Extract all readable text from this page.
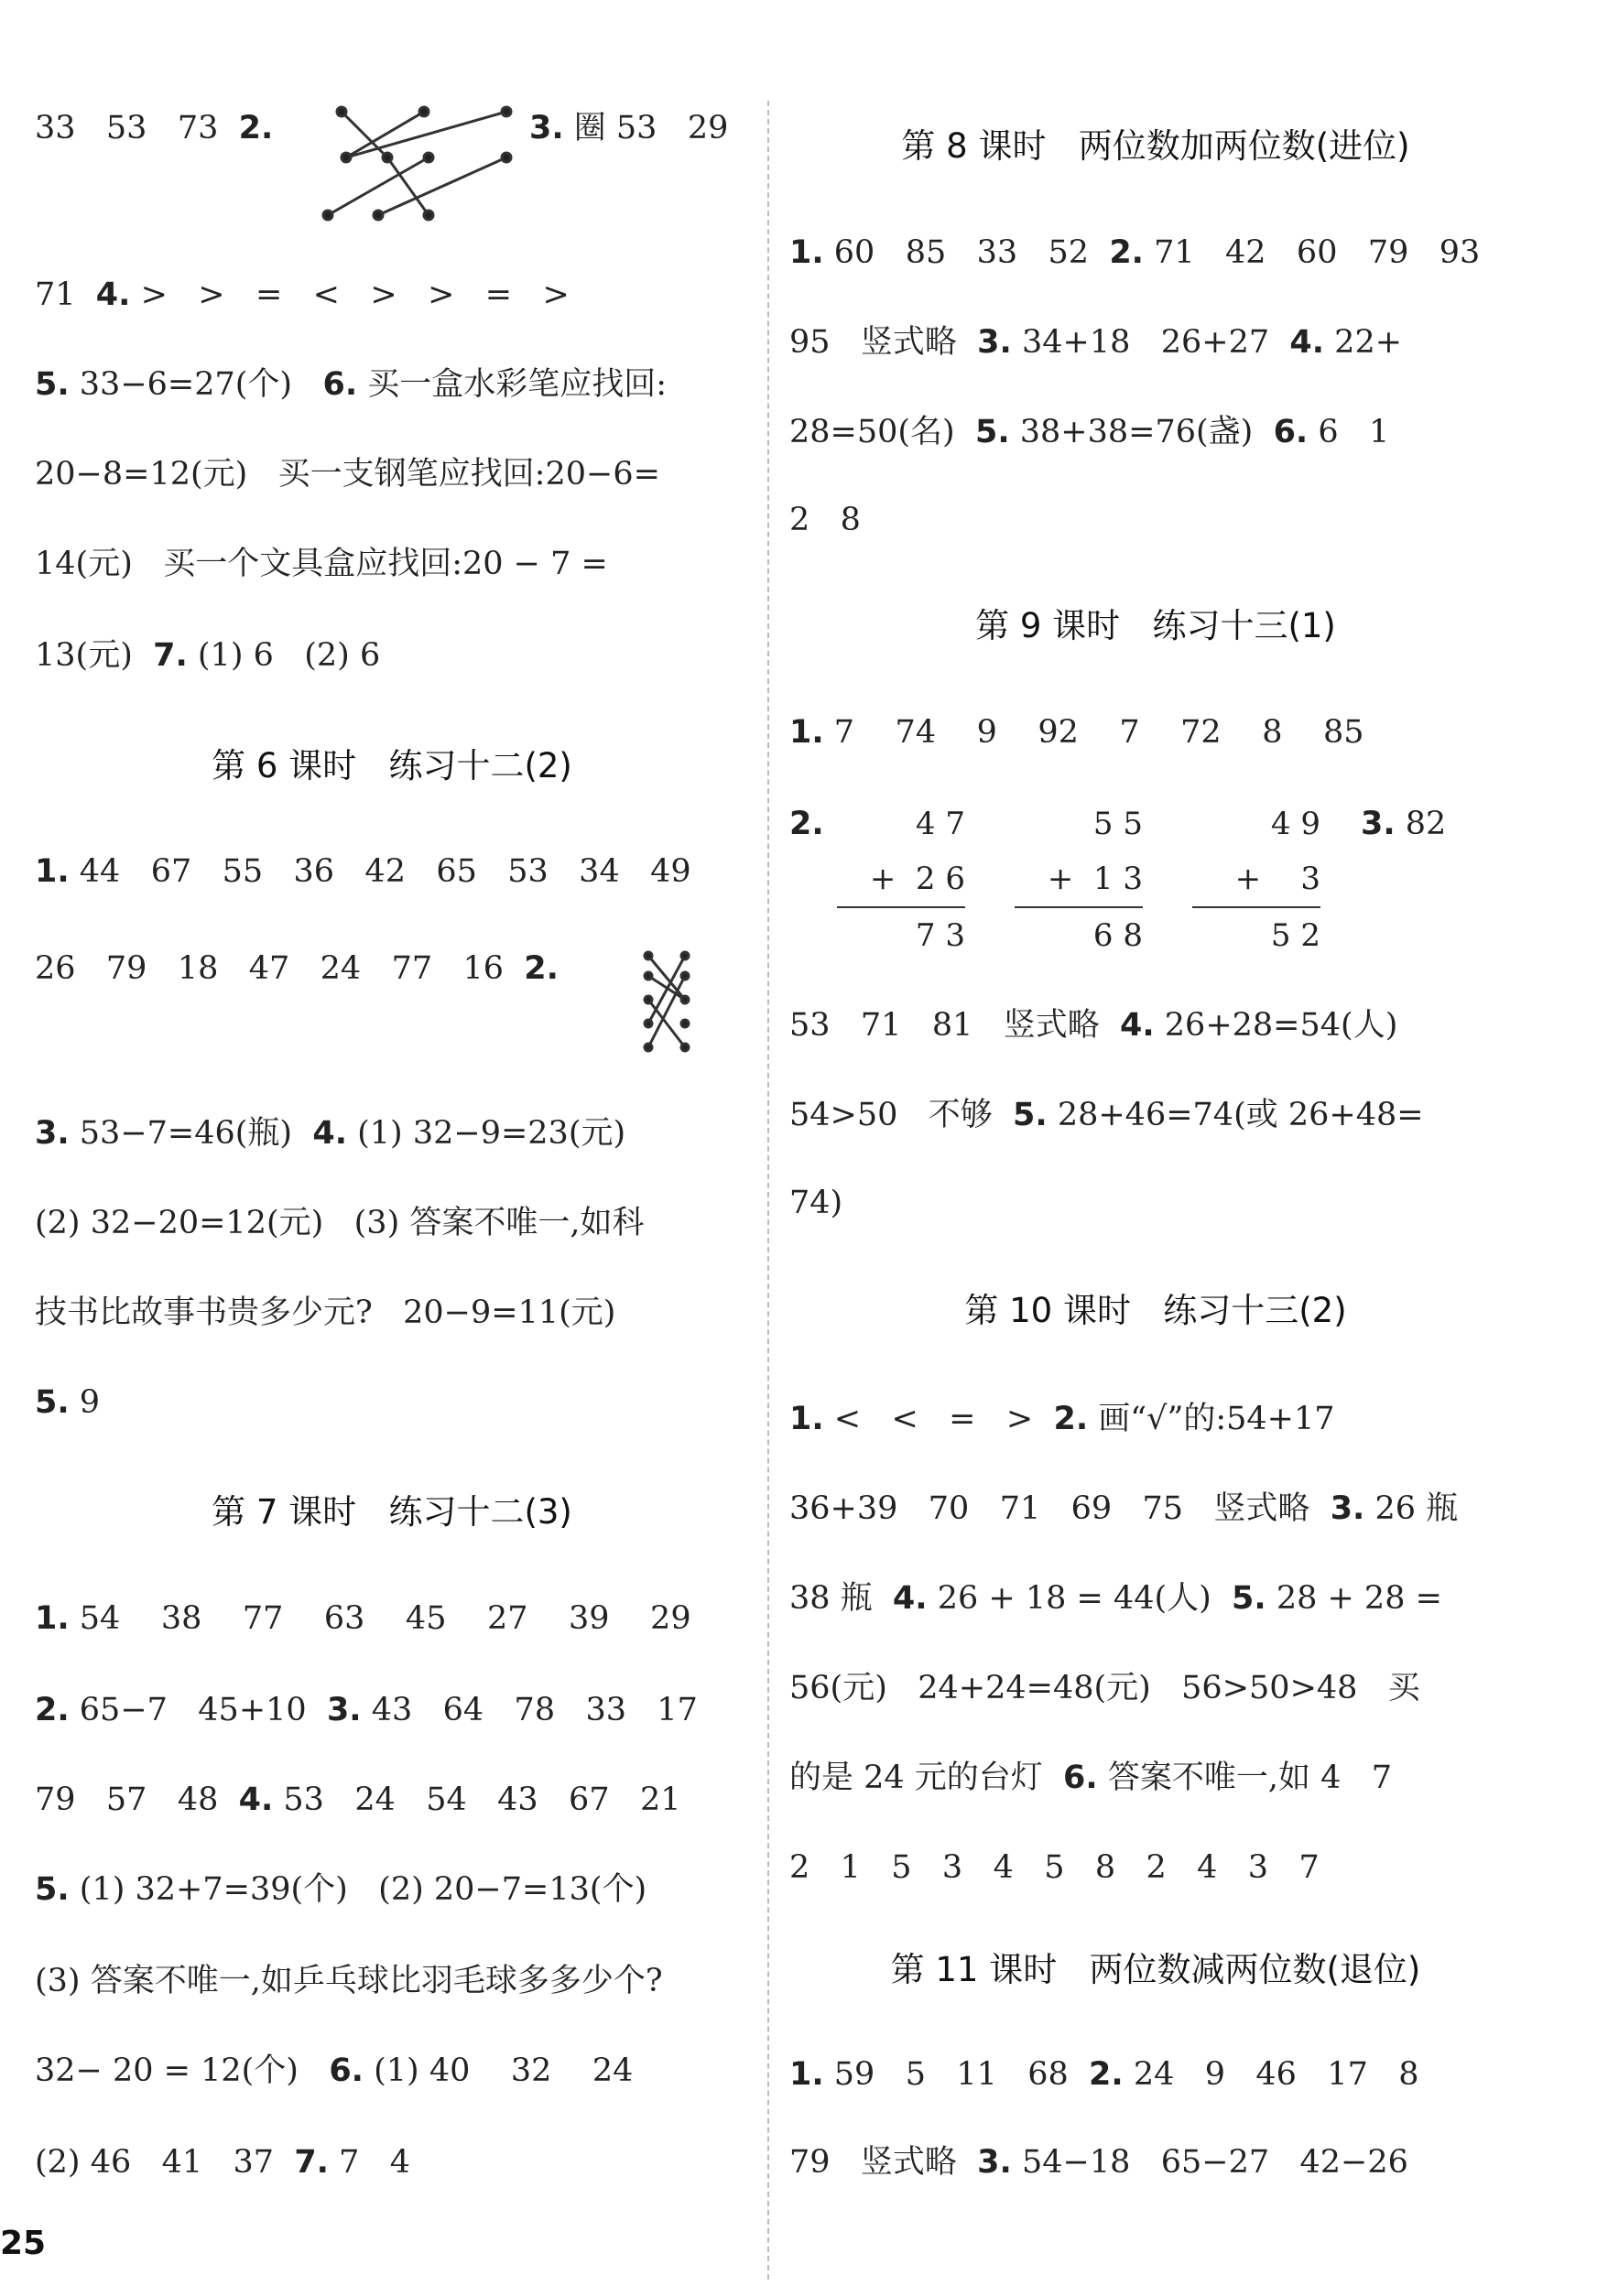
33   53   73  2.	3. 圈 53   29
71  4. >   >   =   <   >   >   =   >
5. 33−6=27(个)   6. 买一盒水彩笔应找回:
20−8=12(元)   买一支钢笔应找回:20−6=
14(元)   买一个文具盒应找回:20 − 7 =
13(元)  7. (1) 6   (2) 6
第 6 课时   练习十二(2)
1. 44   67   55   36   42   65   53   34   49
26   79   18   47   24   77   16  2.
3. 53−7=46(瓶)  4. (1) 32−9=23(元)
(2) 32−20=12(元)   (3) 答案不唯一,如科
技书比故事书贵多少元?   20−9=11(元)
5. 9
第 7 课时   练习十二(3)
1. 54    38    77    63    45    27    39    29
2. 65−7   45+10  3. 43   64   78   33   17
79   57   48  4. 53   24   54   43   67   21
5. (1) 32+7=39(个)   (2) 20−7=13(个)
(3) 答案不唯一,如乒乓球比羽毛球多多少个?
32− 20 = 12(个)   6. (1) 40    32    24
(2) 46   41   37  7. 7   4
第 8 课时   两位数加两位数(进位)
1. 60   85   33   52  2. 71   42   60   79   93
95   竖式略  3. 34+18   26+27  4. 22+
28=50(名)  5. 38+38=76(盏)  6. 6   1
2   8
第 9 课时   练习十三(1)
1. 7    74    9    92    7    72    8    85
2.	4 7
+  2 6
7 3
5 5
+  1 3
6 8
4 9
+    3
5 2
3. 82
53   71   81   竖式略  4. 26+28=54(人)
54>50   不够  5. 28+46=74(或 26+48=
74)
第 10 课时   练习十三(2)
1. <   <   =   >  2. 画“√”的:54+17
36+39   70   71   69   75   竖式略  3. 26 瓶
38 瓶  4. 26 + 18 = 44(人)  5. 28 + 28 =
56(元)   24+24=48(元)   56>50>48   买
的是 24 元的台灯  6. 答案不唯一,如 4   7
2   1   5   3   4   5   8   2   4   3   7
第 11 课时   两位数减两位数(退位)
1. 59   5   11   68  2. 24   9   46   17   8
79   竖式略  3. 54−18   65−27   42−26
25
